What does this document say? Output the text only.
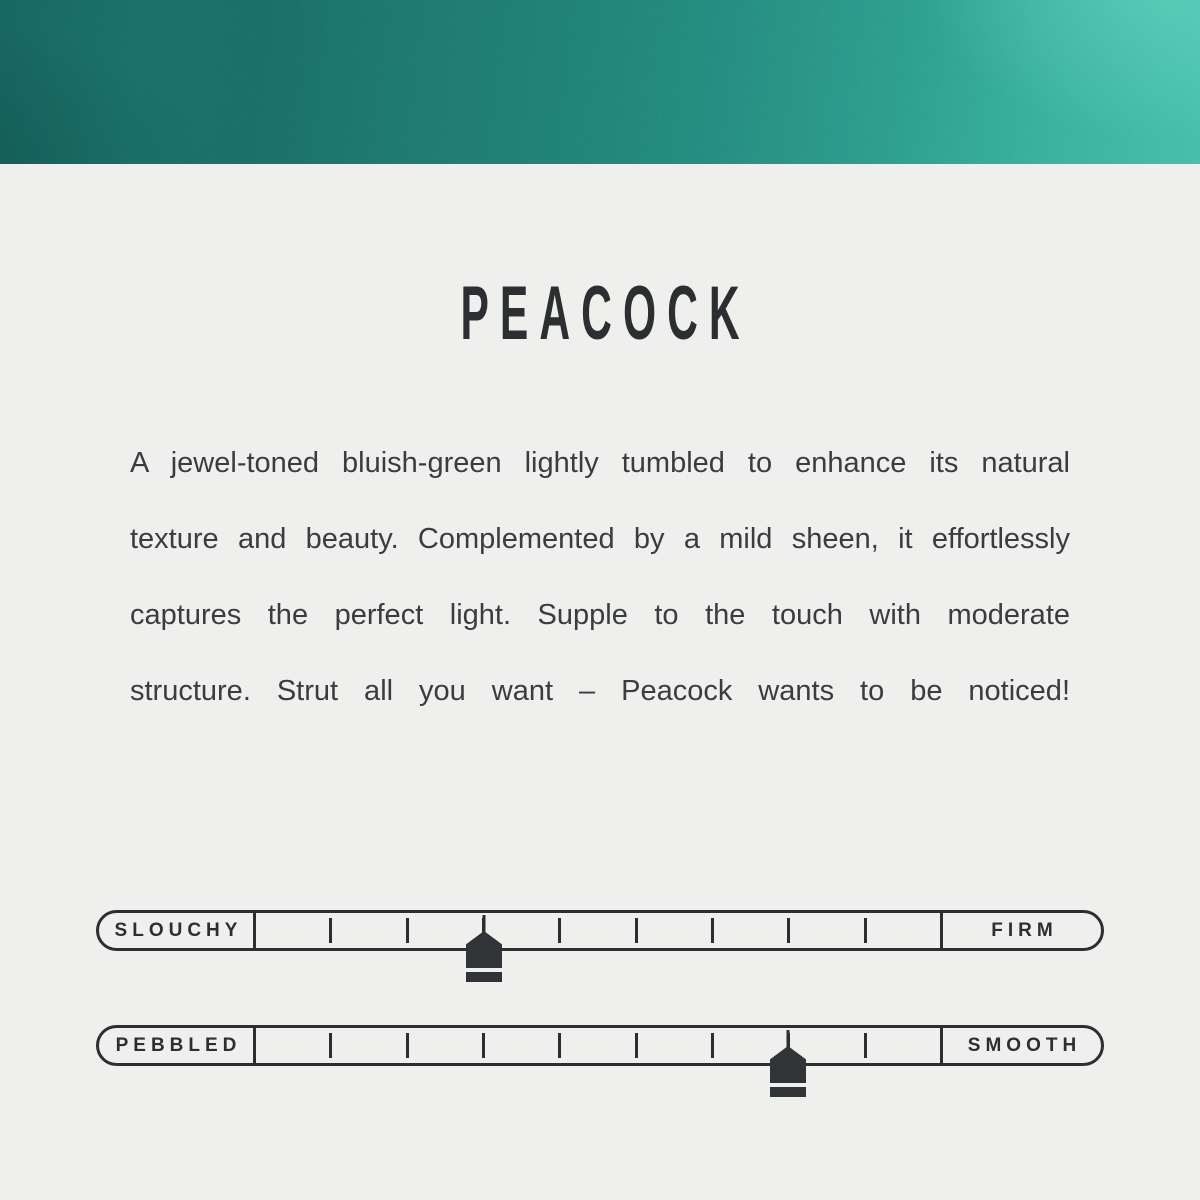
PEACOCK
A jewel-toned bluish-green lightly tumbled to enhance its natural
texture and beauty. Complemented by a mild sheen, it effortlessly
captures the perfect light. Supple to the touch with moderate
structure. Strut all you want – Peacock wants to be noticed!
SLOUCHY	FIRM
PEBBLED	SMOOTH
